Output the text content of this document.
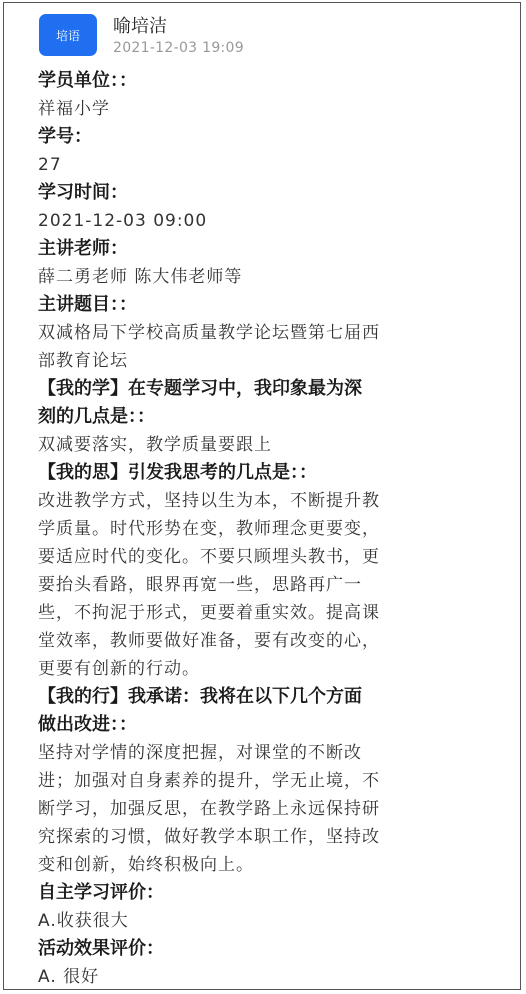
培语 喻培洁
2021-12-03 19:09
学员单位：：
祥福小学
学号：
27
学习时间：
2021-12-03 09:00
主讲老师：
薛二勇老师 陈大伟老师等
主讲题目：：
双减格局下学校高质量教学论坛暨第七届西
部教育论坛
【我的学】在专题学习中，我印象最为深
刻的几点是：：
双减要落实，教学质量要跟上
【我的思】引发我思考的几点是：：
改进教学方式，坚持以生为本，不断提升教
学质量。时代形势在变，教师理念更要变，
要适应时代的变化。不要只顾埋头教书，更
要抬头看路，眼界再宽一些，思路再广一
些，不拘泥于形式，更要着重实效。提高课
堂效率，教师要做好准备，要有改变的心，
更要有创新的行动。
【我的行】我承诺：我将在以下几个方面
做出改进：：
坚持对学情的深度把握，对课堂的不断改
进；加强对自身素养的提升，学无止境，不
断学习，加强反思，在教学路上永远保持研
究探索的习惯，做好教学本职工作，坚持改
变和创新，始终积极向上。
自主学习评价：
A.收获很大
活动效果评价：
A. 很好
